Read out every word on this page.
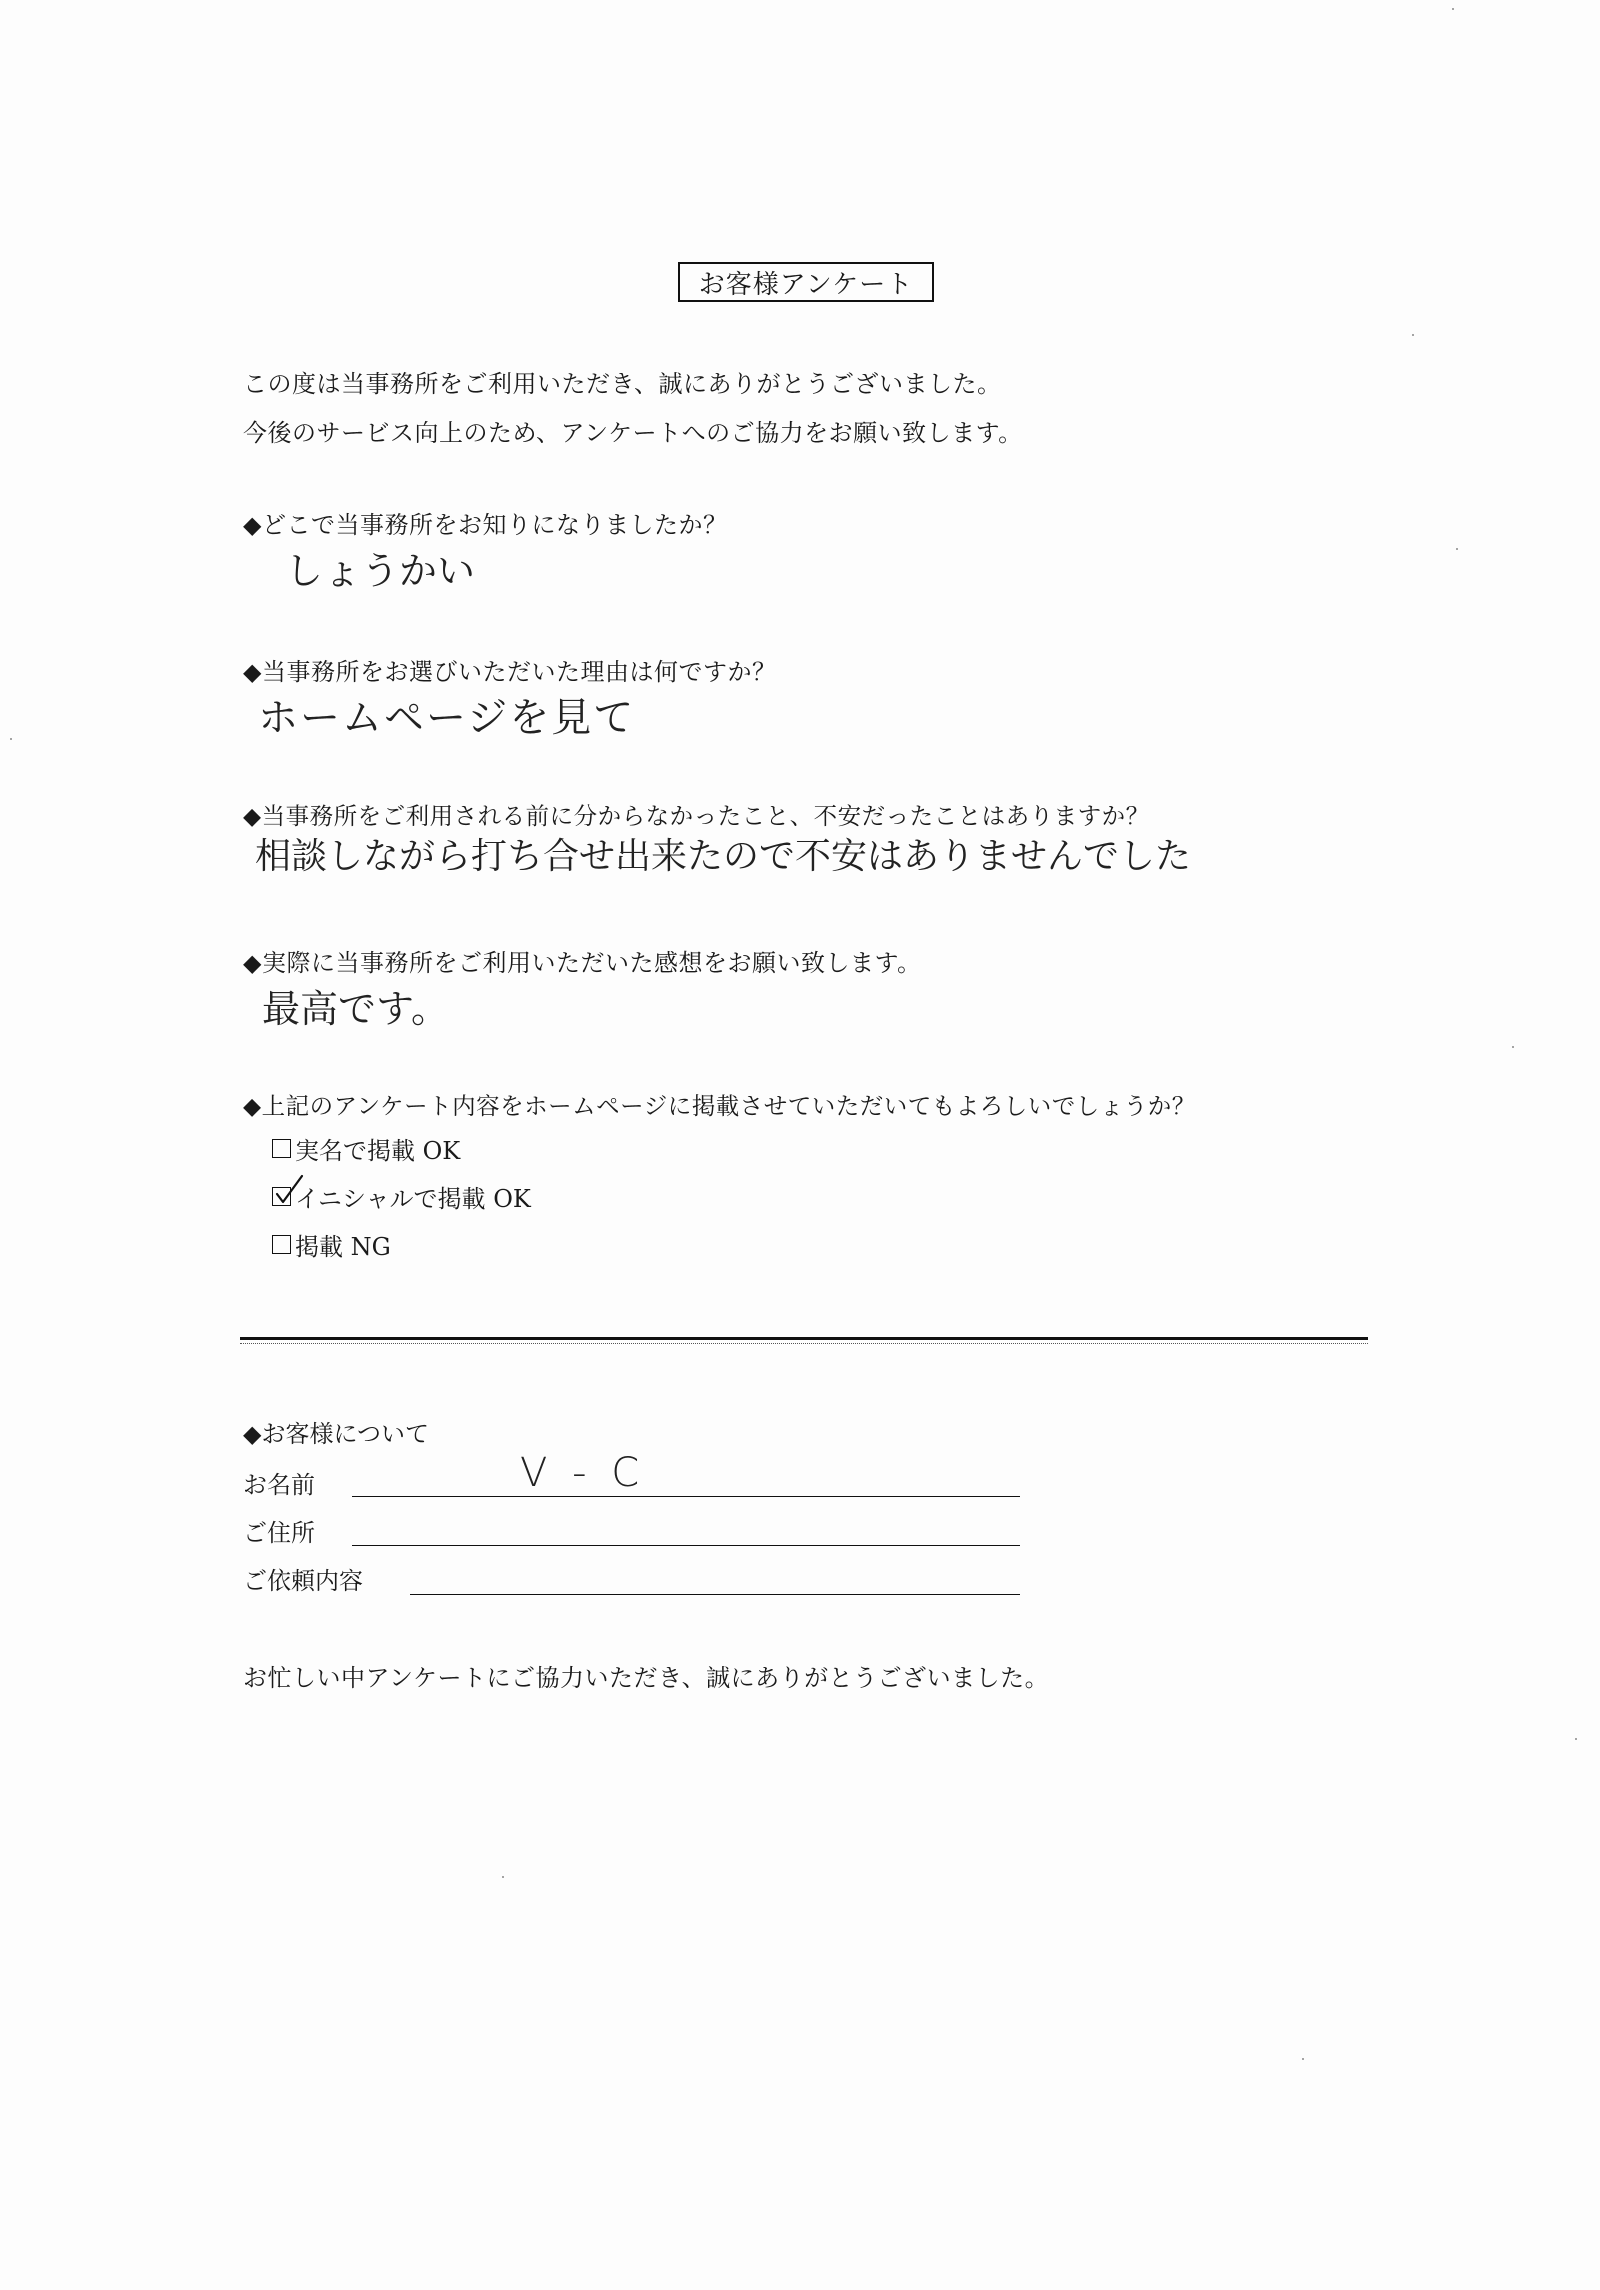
お客様アンケート
この度は当事務所をご利用いただき、誠にありがとうございました。
今後のサービス向上のため、アンケートへのご協力をお願い致します。
◆どこで当事務所をお知りになりましたか？
しょうかい
◆当事務所をお選びいただいた理由は何ですか？
ホームページを見て
◆当事務所をご利用される前に分からなかったこと、不安だったことはありますか？
相談しながら打ち合せ出来たので不安はありませんでした
◆実際に当事務所をご利用いただいた感想をお願い致します。
最高です。
◆上記のアンケート内容をホームページに掲載させていただいてもよろしいでしょうか？
実名で掲載 OK
イニシャルで掲載 OK
掲載 NG
◆お客様について
お名前	V - C
ご住所
ご依頼内容
お忙しい中アンケートにご協力いただき、誠にありがとうございました。
